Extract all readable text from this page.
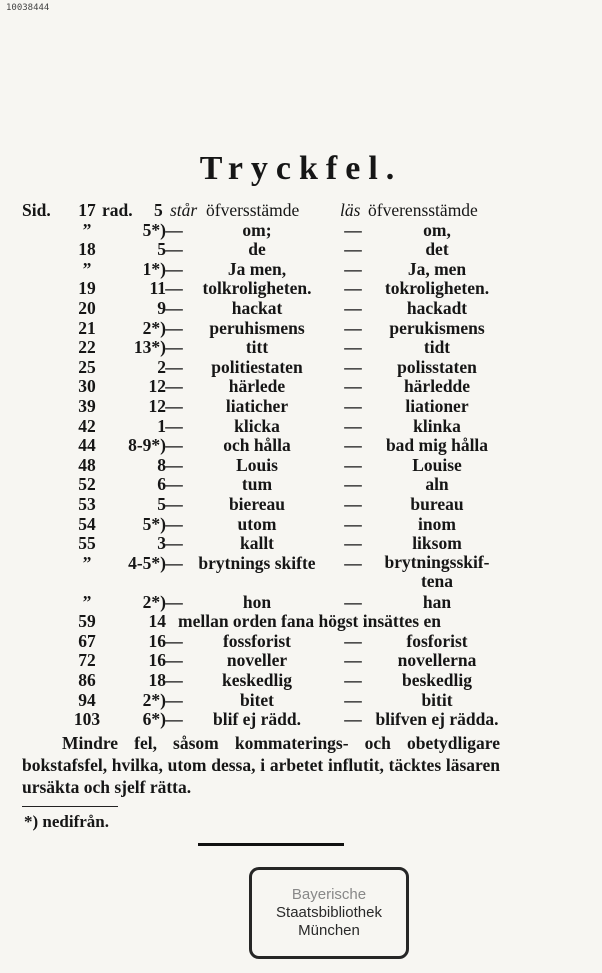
10038444
Tryckfel.
Sid.	17 rad. 5 står öfversstämde läs öfverensstämde
”	5*) —	om;	—	om,
18	5 —	de	—	det
”	1*) —	Ja men,	—	Ja, men
19	11 —	tolkroligheten.	—	tokroligheten.
20	9 —	hackat	—	hackadt
21	2*) —	peruhismens	—	perukismens
22	13*) —	titt	—	tidt
25	2 —	politiestaten	—	polisstaten
30	12 —	härlede	—	härledde
39	12 —	liaticher	—	liationer
42	1 —	klicka	—	klinka
44	8-9*) —	och hålla	—	bad mig hålla
48	8 —	Louis	—	Louise
52	6 —	tum	—	aln
53	5 —	biereau	—	bureau
54	5*) —	utom	—	inom
55	3 —	kallt	—	liksom
”	4-5*) — brytnings skifte	—	brytningsskif-
tena
”	2*) —	hon	—	han
59	14 mellan orden fana högst insättes en
67	16 —	fossforist	—	fosforist
72	16 —	noveller	—	novellerna
86	18 —	keskedlig	—	beskedlig
94	2*) —	bitet	—	bitit
103	6*) —	blif ej rädd.	— blifven ej rädda.
Mindre fel, såsom kommaterings- och obetydligare bokstafsfel, hvilka, utom dessa, i arbetet influtit, täcktes läsaren ursäkta och sjelf rätta.
*) nedifrån.
Bayerische
Staatsbibliothek
München
